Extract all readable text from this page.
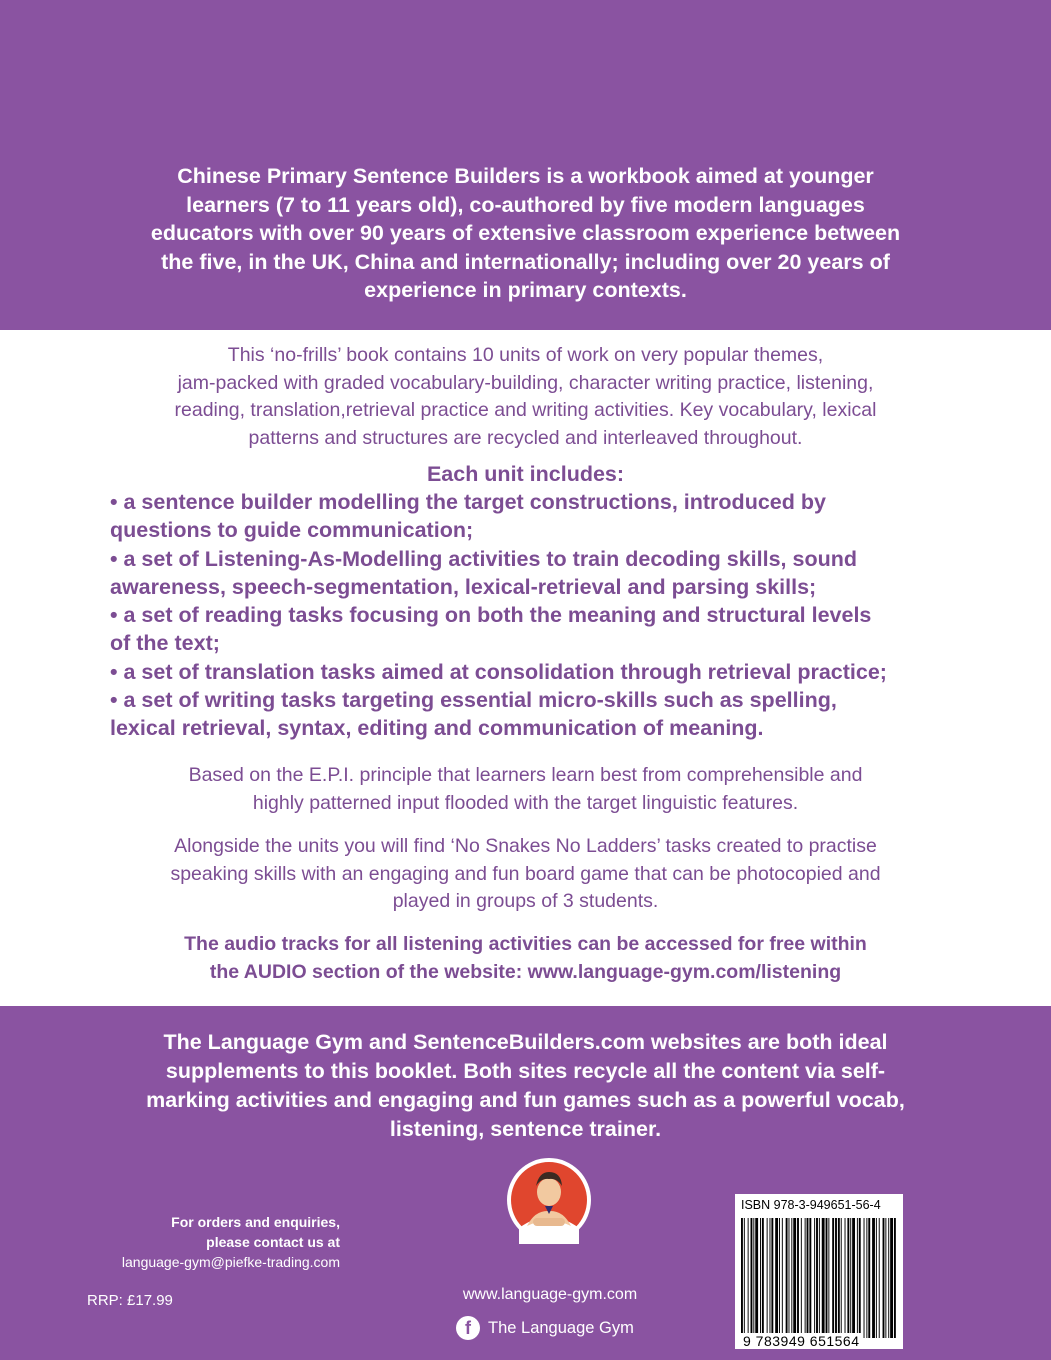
Chinese Primary Sentence Builders is a workbook aimed at younger
learners (7 to 11 years old), co-authored by five modern languages
educators with over 90 years of extensive classroom experience between
the five, in the UK, China and internationally; including over 20 years of
experience in primary contexts.
This ‘no-frills’ book contains 10 units of work on very popular themes,
jam-packed with graded vocabulary-building, character writing practice, listening,
reading, translation,retrieval practice and writing activities. Key vocabulary, lexical
patterns and structures are recycled and interleaved throughout.
Each unit includes:
• a sentence builder modelling the target constructions, introduced by
questions to guide communication;
• a set of Listening-As-Modelling activities to train decoding skills, sound
awareness, speech-segmentation, lexical-retrieval and parsing skills;
• a set of reading tasks focusing on both the meaning and structural levels
of the text;
• a set of translation tasks aimed at consolidation through retrieval practice;
• a set of writing tasks targeting essential micro-skills such as spelling,
lexical retrieval, syntax, editing and communication of meaning.
Based on the E.P.I. principle that learners learn best from comprehensible and
highly patterned input flooded with the target linguistic features.
Alongside the units you will find ‘No Snakes No Ladders’ tasks created to practise
speaking skills with an engaging and fun board game that can be photocopied and
played in groups of 3 students.
The audio tracks for all listening activities can be accessed for free within
the AUDIO section of the website: www.language-gym.com/listening
The Language Gym and SentenceBuilders.com websites are both ideal
supplements to this booklet. Both sites recycle all the content via self-
marking activities and engaging and fun games such as a powerful vocab,
listening, sentence trainer.
For orders and enquiries,
please contact us at
language-gym@piefke-trading.com
RRP: £17.99	www.language-gym.com
f	The Language Gym
ISBN 978-3-949651-56-4
9 783949 651564
